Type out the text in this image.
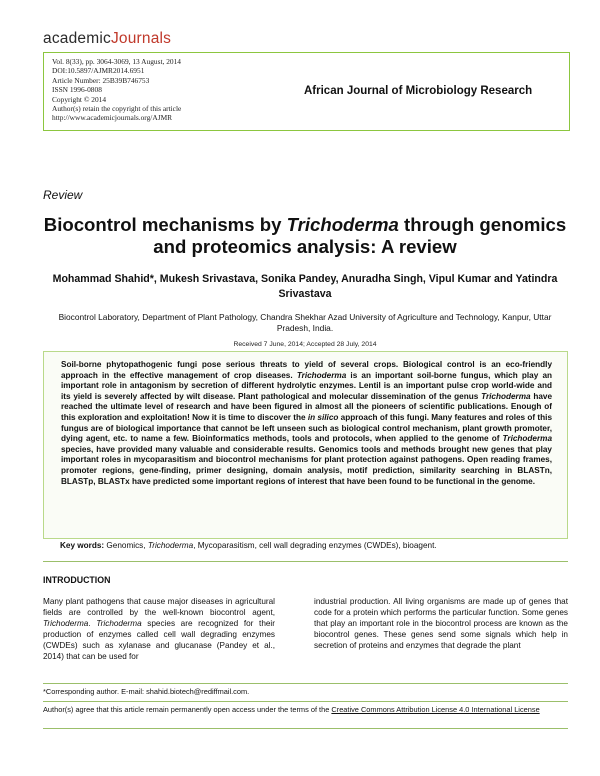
academicJournals
Vol. 8(33), pp. 3064-3069, 13 August, 2014
DOI:10.5897/AJMR2014.6951
Article Number: 25B39B746753
ISSN 1996-0808
Copyright © 2014
Author(s) retain the copyright of this article
http://www.academicjournals.org/AJMR
African Journal of Microbiology Research
Review
Biocontrol mechanisms by Trichoderma through genomics and proteomics analysis: A review
Mohammad Shahid*, Mukesh Srivastava, Sonika Pandey, Anuradha Singh, Vipul Kumar and Yatindra Srivastava
Biocontrol Laboratory, Department of Plant Pathology, Chandra Shekhar Azad University of Agriculture and Technology, Kanpur, Uttar Pradesh, India.
Received 7 June, 2014; Accepted 28 July, 2014
Soil-borne phytopathogenic fungi pose serious threats to yield of several crops. Biological control is an eco-friendly approach in the effective management of crop diseases. Trichoderma is an important soil-borne fungus, which play an important role in antagonism by secretion of different hydrolytic enzymes. Lentil is an important pulse crop world-wide and its yield is severely affected by wilt disease. Plant pathological and molecular dissemination of the genus Trichoderma have reached the ultimate level of research and have been figured in almost all the pioneers of scientific publications. Enough of this exploration and exploitation! Now it is time to discover the in silico approach of this fungi. Many features and roles of this fungus are of biological importance that cannot be left unseen such as biological control mechanism, plant growth promoter, dying agent, etc. to name a few. Bioinformatics methods, tools and protocols, when applied to the genome of Trichoderma species, have provided many valuable and considerable results. Genomics tools and methods brought new genes that play important roles in mycoparasitism and biocontrol mechanisms for plant protection against pathogens. Open reading frames, promoter regions, gene-finding, primer designing, domain analysis, motif prediction, similarity searching in BLASTn, BLASTp, BLASTx have predicted some important regions of interest that have been found to be functional in the genome.
Key words: Genomics, Trichoderma, Mycoparasitism, cell wall degrading enzymes (CWDEs), bioagent.
INTRODUCTION
Many plant pathogens that cause major diseases in agricultural fields are controlled by the well-known biocontrol agent, Trichoderma. Trichoderma species are recognized for their production of enzymes called cell wall degrading enzymes (CWDEs) such as xylanase and glucanase (Pandey et al., 2014) that can be used for
industrial production. All living organisms are made up of genes that code for a protein which performs the particular function. Some genes that play an important role in the biocontrol process are known as the biocontrol genes. These genes send some signals which help in secretion of proteins and enzymes that degrade the plant
*Corresponding author. E-mail: shahid.biotech@rediffmail.com.
Author(s) agree that this article remain permanently open access under the terms of the Creative Commons Attribution License 4.0 International License
